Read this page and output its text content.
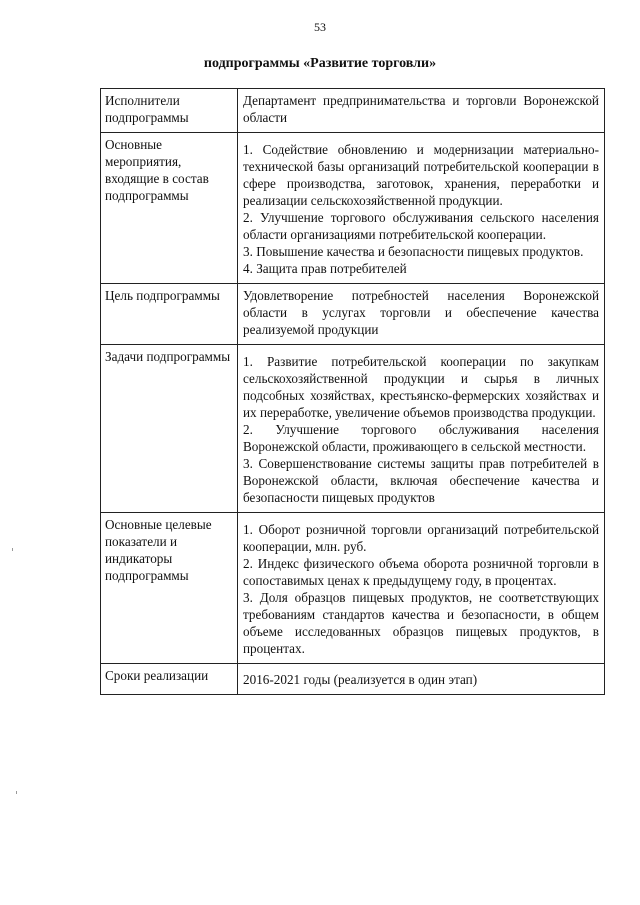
53
подпрограммы «Развитие торговли»
Исполнители подпрограммы	Департамент предпринимательства и торговли Воронежской области

Основные мероприятия, входящие в состав подпрограммы	1. Содействие обновлению и модернизации материально-технической базы организаций потребительской кооперации в сфере производства, заготовок, хранения, переработки и реализации сельскохозяйственной продукции.

2. Улучшение торгового обслуживания сельского населения области организациями потребительской кооперации.

3. Повышение качества и безопасности пищевых продуктов.

4. Защита прав потребителей

Цель подпрограммы	Удовлетворение потребностей населения Воронежской области в услугах торговли и обеспечение качества реализуемой продукции

Задачи подпрограммы	1. Развитие потребительской кооперации по закупкам сельскохозяйственной продукции и сырья в личных подсобных хозяйствах, крестьянско-фермерских хозяйствах и их переработке, увеличение объемов производства продукции.

2. Улучшение торгового обслуживания населения Воронежской области, проживающего в сельской местности.

3. Совершенствование системы защиты прав потребителей в Воронежской области, включая обеспечение качества и безопасности пищевых продуктов

Основные целевые показатели и индикаторы подпрограммы	1. Оборот розничной торговли организаций потребительской кооперации, млн. руб.

2. Индекс физического объема оборота розничной торговли в сопоставимых ценах к предыдущему году, в процентах.

3. Доля образцов пищевых продуктов, не соответствующих требованиям стандартов качества и безопасности, в общем объеме исследованных образцов пищевых продуктов, в процентах.

Сроки реализации	2016-2021 годы (реализуется в один этап)
